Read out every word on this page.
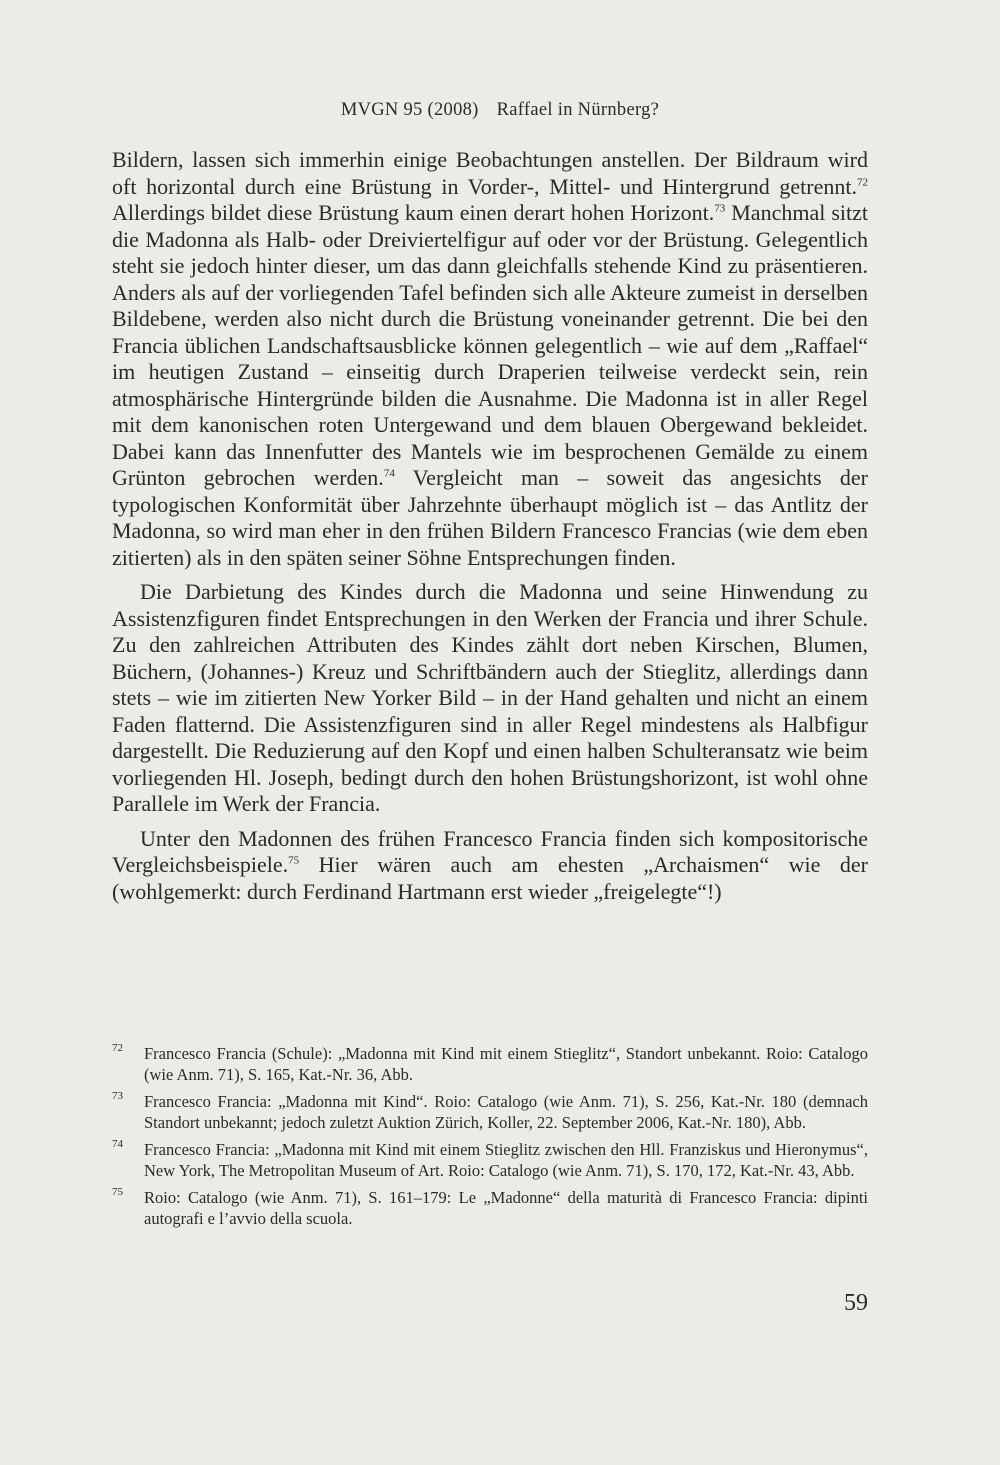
MVGN 95 (2008) Raffael in Nürnberg?

Bildern, lassen sich immerhin einige Beobachtungen anstellen. Der Bildraum wird oft horizontal durch eine Brüstung in Vorder-, Mittel- und Hintergrund getrennt.$^{72}$ Allerdings bildet diese Brüstung kaum einen derart hohen Horizont.$^{73}$ Manchmal sitzt die Madonna als Halb- oder Dreiviertelfigur auf oder vor der Brüstung. Gelegentlich steht sie jedoch hinter dieser, um das dann gleichfalls stehende Kind zu präsentieren. Anders als auf der vorliegenden Tafel befinden sich alle Akteure zumeist in derselben Bildebene, werden also nicht durch die Brüstung voneinander getrennt. Die bei den Francia üblichen Landschaftsausblicke können gelegentlich – wie auf dem „Raffael“ im heutigen Zustand – einseitig durch Draperien teilweise verdeckt sein, rein atmosphärische Hintergründe bilden die Ausnahme. Die Madonna ist in aller Regel mit dem kanonischen roten Untergewand und dem blauen Obergewand bekleidet. Dabei kann das Innenfutter des Mantels wie im besprochenen Gemälde zu einem Grünton gebrochen werden.$^{74}$ Vergleicht man – soweit das angesichts der typologischen Konformität über Jahrzehnte überhaupt möglich ist – das Antlitz der Madonna, so wird man eher in den frühen Bildern Francesco Francias (wie dem eben zitierten) als in den späten seiner Söhne Entsprechungen finden.

Die Darbietung des Kindes durch die Madonna und seine Hinwendung zu Assistenzfiguren findet Entsprechungen in den Werken der Francia und ihrer Schule. Zu den zahlreichen Attributen des Kindes zählt dort neben Kirschen, Blumen, Büchern, (Johannes-) Kreuz und Schriftbändern auch der Stieglitz, allerdings dann stets – wie im zitierten New Yorker Bild – in der Hand gehalten und nicht an einem Faden flatternd. Die Assistenzfiguren sind in aller Regel mindestens als Halbfigur dargestellt. Die Reduzierung auf den Kopf und einen halben Schulteransatz wie beim vorliegenden Hl. Joseph, bedingt durch den hohen Brüstungshorizont, ist wohl ohne Parallele im Werk der Francia.

Unter den Madonnen des frühen Francesco Francia finden sich kompositorische Vergleichsbeispiele.$^{75}$ Hier wären auch am ehesten „Archaismen“ wie der (wohlgemerkt: durch Ferdinand Hartmann erst wieder „freigelegte“!)

72 Francesco Francia (Schule): „Madonna mit Kind mit einem Stieglitz“, Standort unbekannt. Roio: Catalogo (wie Anm. 71), S. 165, Kat.-Nr. 36, Abb.
73 Francesco Francia: „Madonna mit Kind“. Roio: Catalogo (wie Anm. 71), S. 256, Kat.-Nr. 180 (demnach Standort unbekannt; jedoch zuletzt Auktion Zürich, Koller, 22. September 2006, Kat.-Nr. 180), Abb.
74 Francesco Francia: „Madonna mit Kind mit einem Stieglitz zwischen den Hll. Franziskus und Hieronymus“, New York, The Metropolitan Museum of Art. Roio: Catalogo (wie Anm. 71), S. 170, 172, Kat.-Nr. 43, Abb.
75 Roio: Catalogo (wie Anm. 71), S. 161–179: Le „Madonne“ della maturità di Francesco Francia: dipinti autografi e l’avvio della scuola.
59
